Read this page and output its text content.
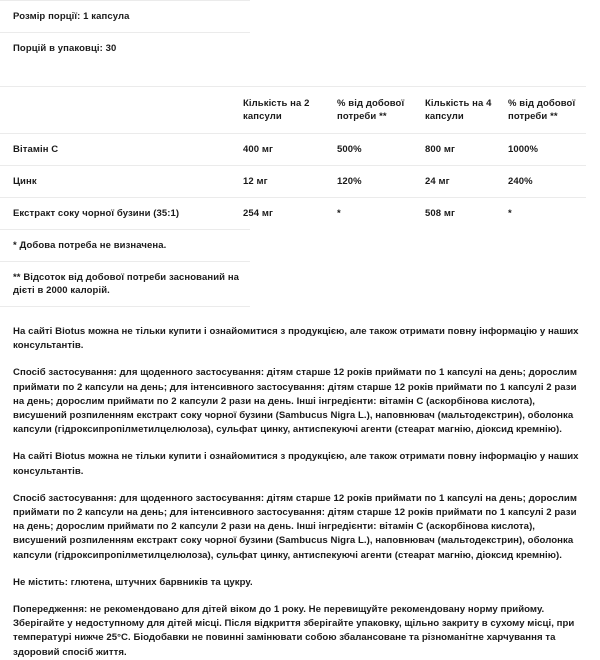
Розмір порції: 1 капсула
Порцій в упаковці: 30
	Кількість на 2 капсули	% від добової потреби **	Кількість на 4 капсули	% від добової потреби **
Вітамін C	400 мг	500%	800 мг	1000%
Цинк	12 мг	120%	24 мг	240%
Екстракт соку чорної бузини (35:1)	254 мг	*	508 мг	*
* Добова потреба не визначена.
** Відсоток від добової потреби заснований на дієті в 2000 калорій.

На сайті Biotus можна не тільки купити і ознайомитися з продукцією, але також отримати повну інформацію у наших консультантів.

Спосіб застосування: для щоденного застосування: дітям старше 12 років приймати по 1 капсулі на день; дорослим приймати по 2 капсули на день; для інтенсивного застосування: дітям старше 12 років приймати по 1 капсулі 2 рази на день; дорослим приймати по 2 капсули 2 рази на день. Інші інгредієнти: вітамін C (аскорбінова кислота), висушений розпиленням екстракт соку чорної бузини (Sambucus Nigra L.), наповнювач (мальтодекстрин), оболонка капсули (гідроксипропілметилцелюлоза), сульфат цинку, антиспекуючі агенти (стеарат магнію, діоксид кремнію).

На сайті Biotus можна не тільки купити і ознайомитися з продукцією, але також отримати повну інформацію у наших консультантів.

Спосіб застосування: для щоденного застосування: дітям старше 12 років приймати по 1 капсулі на день; дорослим приймати по 2 капсули на день; для інтенсивного застосування: дітям старше 12 років приймати по 1 капсулі 2 рази на день; дорослим приймати по 2 капсули 2 рази на день. Інші інгредієнти: вітамін C (аскорбінова кислота), висушений розпиленням екстракт соку чорної бузини (Sambucus Nigra L.), наповнювач (мальтодекстрин), оболонка капсули (гідроксипропілметилцелюлоза), сульфат цинку, антиспекуючі агенти (стеарат магнію, діоксид кремнію).

Не містить: глютена, штучних барвників та цукру.

Попередження: не рекомендовано для дітей віком до 1 року. Не перевищуйте рекомендовану норму прийому. Зберігайте у недоступному для дітей місці. Після відкриття зберігайте упаковку, щільно закриту в сухому місці, при температурі нижче 25°C. Біодобавки не повинні замінювати собою збалансоване та різноманітне харчування та здоровий спосіб життя.
